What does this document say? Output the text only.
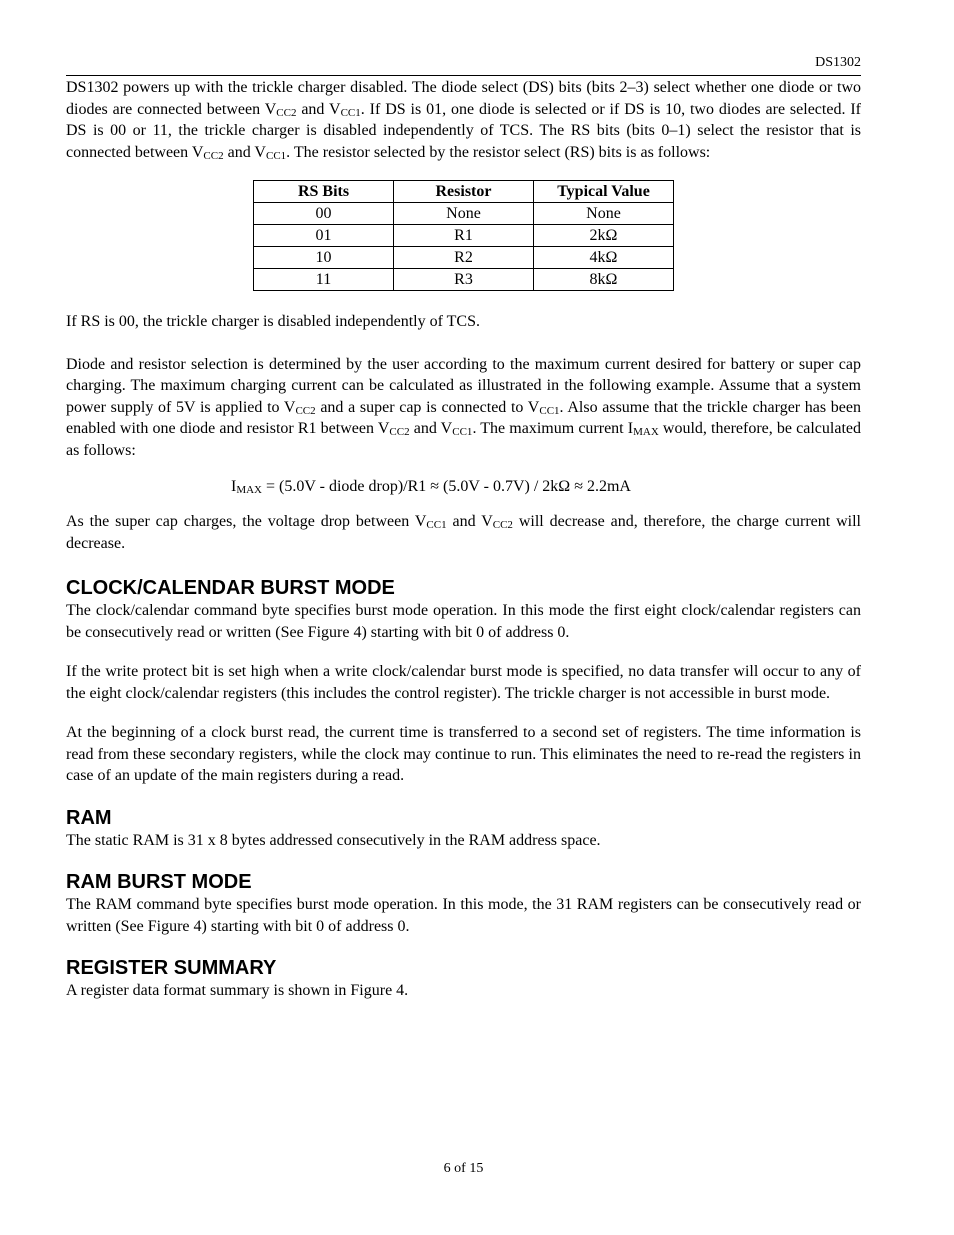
DS1302

DS1302 powers up with the trickle charger disabled. The diode select (DS) bits (bits 2–3) select whether one diode or two diodes are connected between $V_{CC2}$ and $V_{CC1}$. If DS is 01, one diode is selected or if DS is 10, two diodes are selected. If DS is 00 or 11, the trickle charger is disabled independently of TCS. The RS bits (bits 0–1) select the resistor that is connected between $V_{CC2}$ and $V_{CC1}$. The resistor selected by the resistor select (RS) bits is as follows:

RS Bits	Resistor	Typical Value
00	None	None
01	R1	2kΩ
10	R2	4kΩ
11	R3	8kΩ

If RS is 00, the trickle charger is disabled independently of TCS.

Diode and resistor selection is determined by the user according to the maximum current desired for battery or super cap charging. The maximum charging current can be calculated as illustrated in the following example. Assume that a system power supply of 5V is applied to $V_{CC2}$ and a super cap is connected to $V_{CC1}$. Also assume that the trickle charger has been enabled with one diode and resistor R1 between $V_{CC2}$ and $V_{CC1}$. The maximum current $I_{MAX}$ would, therefore, be calculated as follows:

$I_{MAX} = (5.0V$ - diode drop)/R1 ≈ (5.0V - 0.7V) / 2kΩ ≈ 2.2mA

As the super cap charges, the voltage drop between $V_{CC1}$ and $V_{CC2}$ will decrease and, therefore, the charge current will decrease.

CLOCK/CALENDAR BURST MODE

The clock/calendar command byte specifies burst mode operation. In this mode the first eight clock/calendar registers can be consecutively read or written (See Figure 4) starting with bit 0 of address 0.

If the write protect bit is set high when a write clock/calendar burst mode is specified, no data transfer will occur to any of the eight clock/calendar registers (this includes the control register). The trickle charger is not accessible in burst mode.

At the beginning of a clock burst read, the current time is transferred to a second set of registers. The time information is read from these secondary registers, while the clock may continue to run. This eliminates the need to re-read the registers in case of an update of the main registers during a read.

RAM

The static RAM is 31 x 8 bytes addressed consecutively in the RAM address space.

RAM BURST MODE

The RAM command byte specifies burst mode operation. In this mode, the 31 RAM registers can be consecutively read or written (See Figure 4) starting with bit 0 of address 0.

REGISTER SUMMARY

A register data format summary is shown in Figure 4.

6 of 15
